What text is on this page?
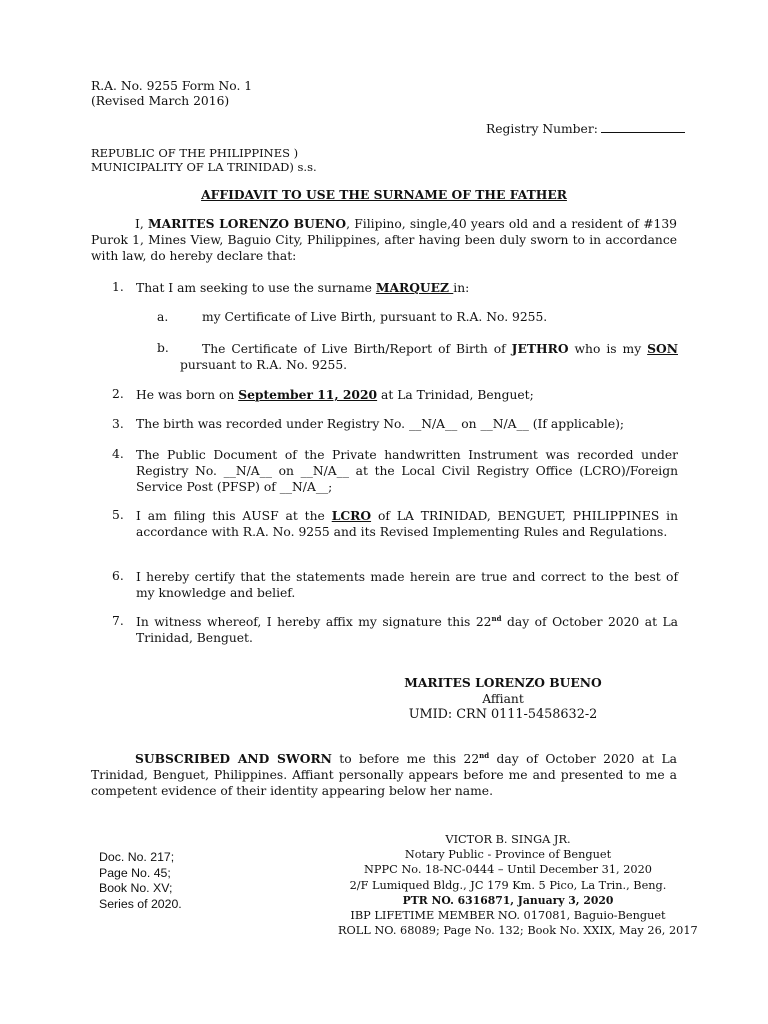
R.A. No. 9255 Form No. 1
(Revised March 2016)
Registry Number:
REPUBLIC OF THE PHILIPPINES )
MUNICIPALITY OF LA TRINIDAD) s.s.
AFFIDAVIT TO USE THE SURNAME OF THE FATHER
I, MARITES LORENZO BUENO, Filipino, single,40 years old and a resident of #139 Purok 1, Mines View, Baguio City, Philippines, after having been duly sworn to in accordance with law, do hereby declare that:
1. That I am seeking to use the surname MARQUEZ in:
a.	my Certificate of Live Birth, pursuant to R.A. No. 9255.
b.	The Certificate of Live Birth/Report of Birth of JETHRO who is my SON pursuant to R.A. No. 9255.
2. He was born on September 11, 2020 at La Trinidad, Benguet;
3. The birth was recorded under Registry No. __N/A__ on __N/A__ (If applicable);
4. The Public Document of the Private handwritten Instrument was recorded under Registry No. __N/A__ on __N/A__ at the Local Civil Registry Office (LCRO)/Foreign Service Post (PFSP) of __N/A__;
5. I am filing this AUSF at the LCRO of LA TRINIDAD, BENGUET, PHILIPPINES in accordance with R.A. No. 9255 and its Revised Implementing Rules and Regulations.
6. I hereby certify that the statements made herein are true and correct to the best of my knowledge and belief.
7. In witness whereof, I hereby affix my signature this 22nd day of October 2020 at La Trinidad, Benguet.
MARITES LORENZO BUENO
Affiant
UMID: CRN 0111-5458632-2
SUBSCRIBED AND SWORN to before me this 22nd day of October 2020 at La Trinidad, Benguet, Philippines. Affiant personally appears before me and presented to me a competent evidence of their identity appearing below her name.
VICTOR B. SINGA JR.
Notary Public - Province of Benguet
NPPC No. 18-NC-0444 – Until December 31, 2020
2/F Lumiqued Bldg., JC 179 Km. 5 Pico, La Trin., Beng.
PTR NO. 6316871, January 3, 2020
IBP LIFETIME MEMBER NO. 017081, Baguio-Benguet
ROLL NO. 68089; Page No. 132; Book No. XXIX, May 26, 2017
Doc. No. 217;
Page No. 45;
Book No. XV;
Series of 2020.
